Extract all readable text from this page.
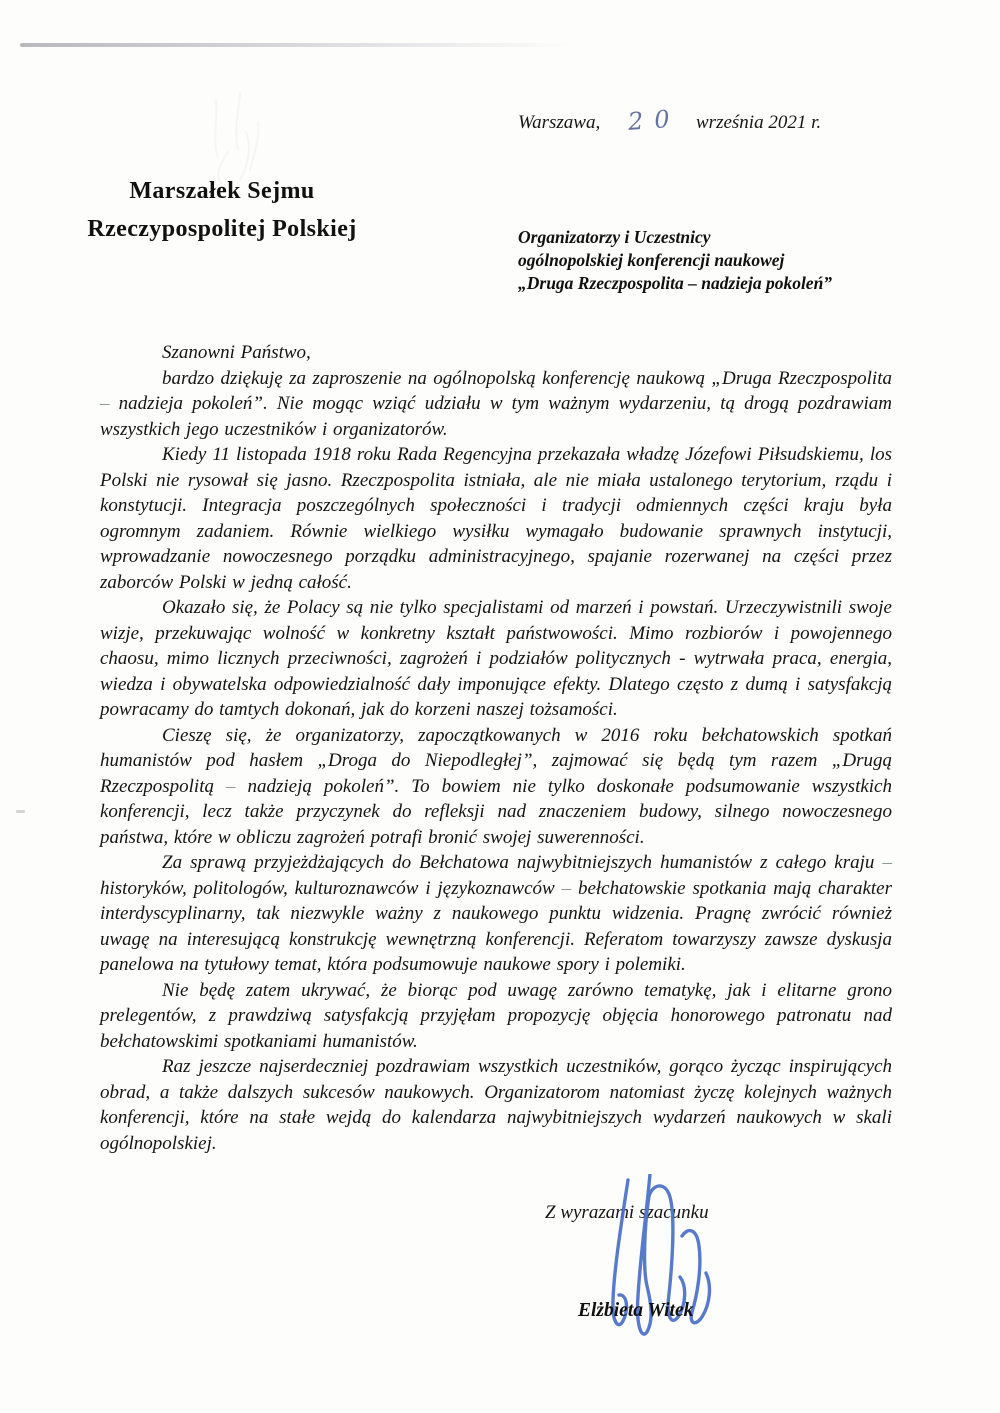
Warszawa, 20 września 2021 r.
Marszałek Sejmu
Rzeczypospolitej Polskiej	Organizatorzy i Uczestnicy
ogólnopolskiej konferencji naukowej
„Druga Rzeczpospolita – nadzieja pokoleń”

Szanowni Państwo,

bardzo dziękuję za zaproszenie na ogólnopolską konferencję naukową „Druga Rzeczpospolita – nadzieja pokoleń”. Nie mogąc wziąć udziału w tym ważnym wydarzeniu, tą drogą pozdrawiam wszystkich jego uczestników i organizatorów.

Kiedy 11 listopada 1918 roku Rada Regencyjna przekazała władzę Józefowi Piłsudskiemu, los Polski nie rysował się jasno. Rzeczpospolita istniała, ale nie miała ustalonego terytorium, rządu i konstytucji. Integracja poszczególnych społeczności i tradycji odmiennych części kraju była ogromnym zadaniem. Równie wielkiego wysiłku wymagało budowanie sprawnych instytucji, wprowadzanie nowoczesnego porządku administracyjnego, spajanie rozerwanej na części przez zaborców Polski w jedną całość.

Okazało się, że Polacy są nie tylko specjalistami od marzeń i powstań. Urzeczywistnili swoje wizje, przekuwając wolność w konkretny kształt państwowości. Mimo rozbiorów i powojennego chaosu, mimo licznych przeciwności, zagrożeń i podziałów politycznych - wytrwała praca, energia, wiedza i obywatelska odpowiedzialność dały imponujące efekty. Dlatego często z dumą i satysfakcją powracamy do tamtych dokonań, jak do korzeni naszej tożsamości.

Cieszę się, że organizatorzy, zapoczątkowanych w 2016 roku bełchatowskich spotkań humanistów pod hasłem „Droga do Niepodległej”, zajmować się będą tym razem „Drugą Rzeczpospolitą – nadzieją pokoleń”. To bowiem nie tylko doskonałe podsumowanie wszystkich konferencji, lecz także przyczynek do refleksji nad znaczeniem budowy, silnego nowoczesnego państwa, które w obliczu zagrożeń potrafi bronić swojej suwerenności.

Za sprawą przyjeżdżających do Bełchatowa najwybitniejszych humanistów z całego kraju – historyków, politologów, kulturoznawców i językoznawców – bełchatowskie spotkania mają charakter interdyscyplinarny, tak niezwykle ważny z naukowego punktu widzenia. Pragnę zwrócić również uwagę na interesującą konstrukcję wewnętrzną konferencji. Referatom towarzyszy zawsze dyskusja panelowa na tytułowy temat, która podsumowuje naukowe spory i polemiki.

Nie będę zatem ukrywać, że biorąc pod uwagę zarówno tematykę, jak i elitarne grono prelegentów, z prawdziwą satysfakcją przyjęłam propozycję objęcia honorowego patronatu nad bełchatowskimi spotkaniami humanistów.

Raz jeszcze najserdeczniej pozdrawiam wszystkich uczestników, gorąco życząc inspirujących obrad, a także dalszych sukcesów naukowych. Organizatorom natomiast życzę kolejnych ważnych konferencji, które na stałe wejdą do kalendarza najwybitniejszych wydarzeń naukowych w skali ogólnopolskiej.

Z wyrazami szacunku
Elżbieta Witek
